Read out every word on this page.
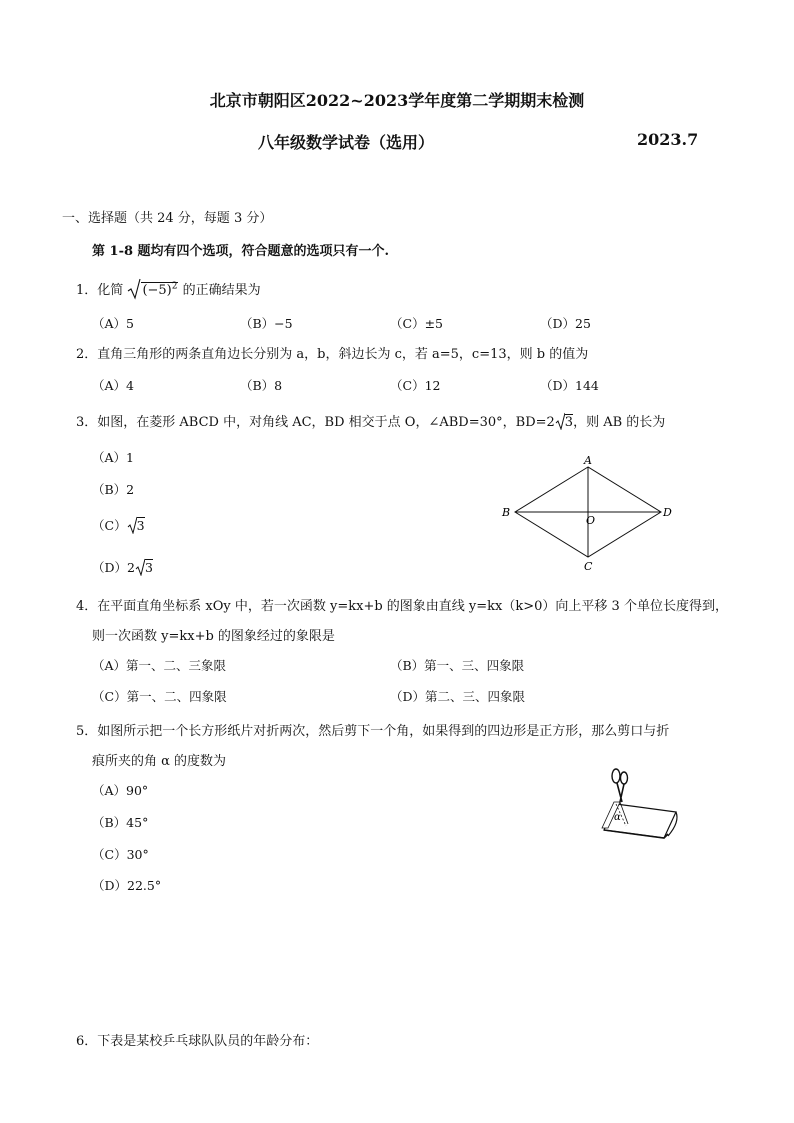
北京市朝阳区2022~2023学年度第二学期期末检测
八年级数学试卷（选用）	2023.7
一、选择题（共 24 分，每题 3 分）
第 1-8 题均有四个选项，符合题意的选项只有一个.
1．化简 $(-5)^2$ 的正确结果为
（A）5	（B）−5	（C）±5	（D）25
2．直角三角形的两条直角边长分别为 a，b，斜边长为 c，若 a=5，c=13，则 b 的值为
（A）4	（B）8	（C）12	（D）144
3．如图，在菱形 ABCD 中，对角线 AC，BD 相交于点 O，∠ABD=30°，BD=2 3，则 AB 的长为
（A）1
（B）2
（C） 3
（D）2 3
A
B
C
D
O
4．在平面直角坐标系 xOy 中，若一次函数 y=kx+b 的图象由直线 y=kx（k>0）向上平移 3 个单位长度得到，
则一次函数 y=kx+b 的图象经过的象限是
（A）第一、二、三象限	（B）第一、三、四象限
（C）第一、二、四象限	（D）第二、三、四象限
5．如图所示把一个长方形纸片对折两次，然后剪下一个角，如果得到的四边形是正方形，那么剪口与折
痕所夹的角 α 的度数为
（A）90°
（B）45°
（C）30°
（D）22.5°
α
6．下表是某校乒乓球队队员的年龄分布：
